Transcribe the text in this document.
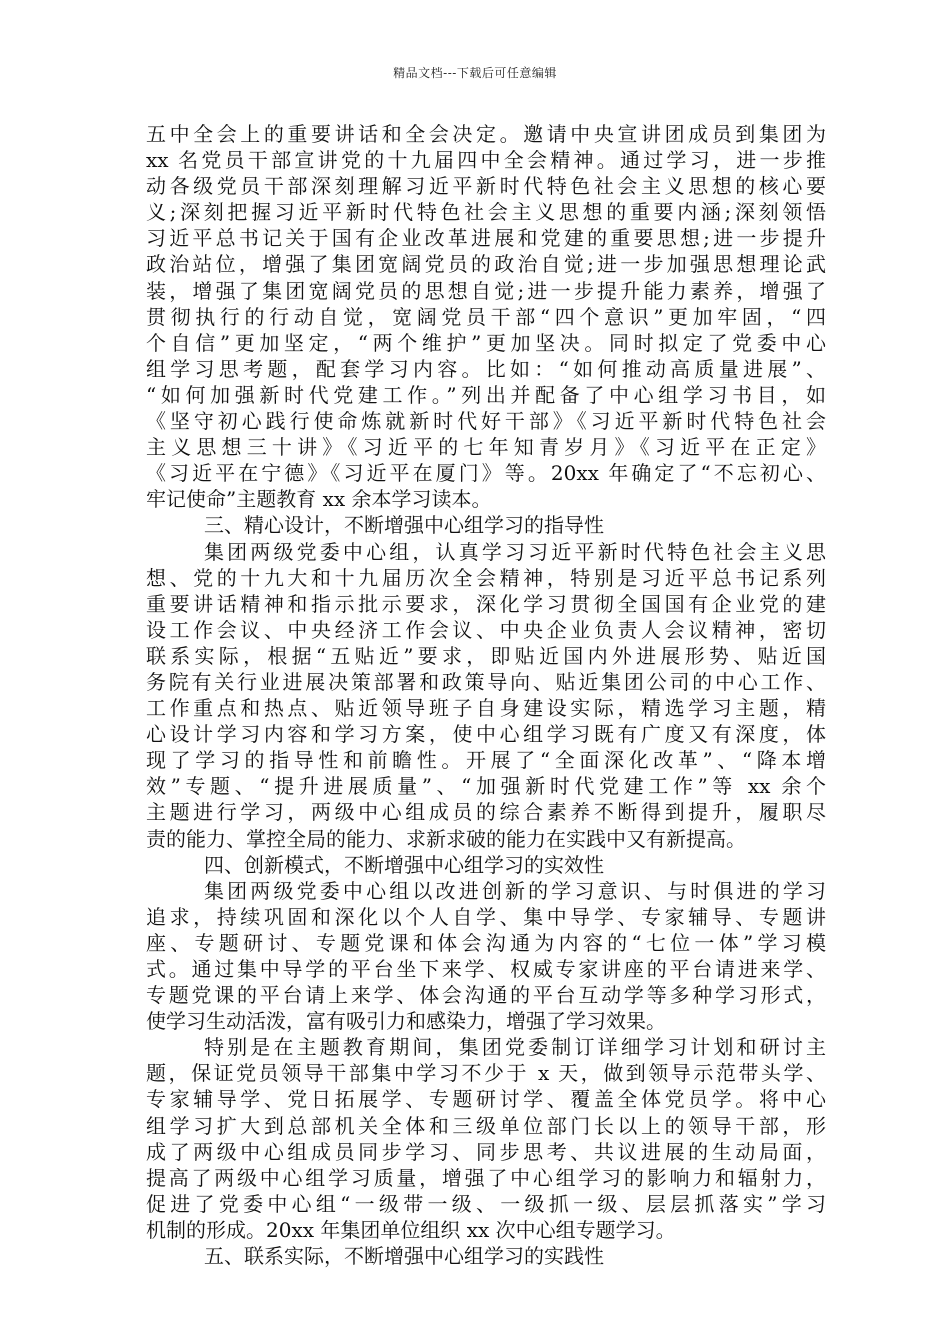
精品文档---下载后可任意编辑
五中全会上的重要讲话和全会决定。邀请中央宣讲团成员到集团为
xx 名党员干部宣讲党的十九届四中全会精神。通过学习，进一步推
动各级党员干部深刻理解习近平新时代特色社会主义思想的核心要
义;深刻把握习近平新时代特色社会主义思想的重要内涵;深刻领悟
习近平总书记关于国有企业改革进展和党建的重要思想;进一步提升
政治站位，增强了集团宽阔党员的政治自觉;进一步加强思想理论武
装，增强了集团宽阔党员的思想自觉;进一步提升能力素养，增强了
贯彻执行的行动自觉，宽阔党员干部“四个意识”更加牢固，“四
个自信”更加坚定，“两个维护”更加坚决。同时拟定了党委中心
组学习思考题，配套学习内容。比如：“如何推动高质量进展”、
“如何加强新时代党建工作。”列出并配备了中心组学习书目，如
《坚守初心践行使命炼就新时代好干部》《习近平新时代特色社会
主义思想三十讲》《习近平的七年知青岁月》《习近平在正定》
《习近平在宁德》《习近平在厦门》等。20xx 年确定了“不忘初心、
牢记使命”主题教育 xx 余本学习读本。
三、精心设计，不断增强中心组学习的指导性
集团两级党委中心组，认真学习习近平新时代特色社会主义思
想、党的十九大和十九届历次全会精神，特别是习近平总书记系列
重要讲话精神和指示批示要求，深化学习贯彻全国国有企业党的建
设工作会议、中央经济工作会议、中央企业负责人会议精神，密切
联系实际，根据“五贴近”要求，即贴近国内外进展形势、贴近国
务院有关行业进展决策部署和政策导向、贴近集团公司的中心工作、
工作重点和热点、贴近领导班子自身建设实际，精选学习主题，精
心设计学习内容和学习方案，使中心组学习既有广度又有深度，体
现了学习的指导性和前瞻性。开展了“全面深化改革”、“降本增
效”专题、“提升进展质量”、“加强新时代党建工作”等 xx 余个
主题进行学习，两级中心组成员的综合素养不断得到提升，履职尽
责的能力、掌控全局的能力、求新求破的能力在实践中又有新提高。
四、创新模式，不断增强中心组学习的实效性
集团两级党委中心组以改进创新的学习意识、与时俱进的学习
追求，持续巩固和深化以个人自学、集中导学、专家辅导、专题讲
座、专题研讨、专题党课和体会沟通为内容的“七位一体”学习模
式。通过集中导学的平台坐下来学、权威专家讲座的平台请进来学、
专题党课的平台请上来学、体会沟通的平台互动学等多种学习形式，
使学习生动活泼，富有吸引力和感染力，增强了学习效果。
特别是在主题教育期间，集团党委制订详细学习计划和研讨主
题，保证党员领导干部集中学习不少于 x 天，做到领导示范带头学、
专家辅导学、党日拓展学、专题研讨学、覆盖全体党员学。将中心
组学习扩大到总部机关全体和三级单位部门长以上的领导干部，形
成了两级中心组成员同步学习、同步思考、共议进展的生动局面，
提高了两级中心组学习质量，增强了中心组学习的影响力和辐射力，
促进了党委中心组“一级带一级、一级抓一级、层层抓落实”学习
机制的形成。20xx 年集团单位组织 xx 次中心组专题学习。
五、联系实际，不断增强中心组学习的实践性
